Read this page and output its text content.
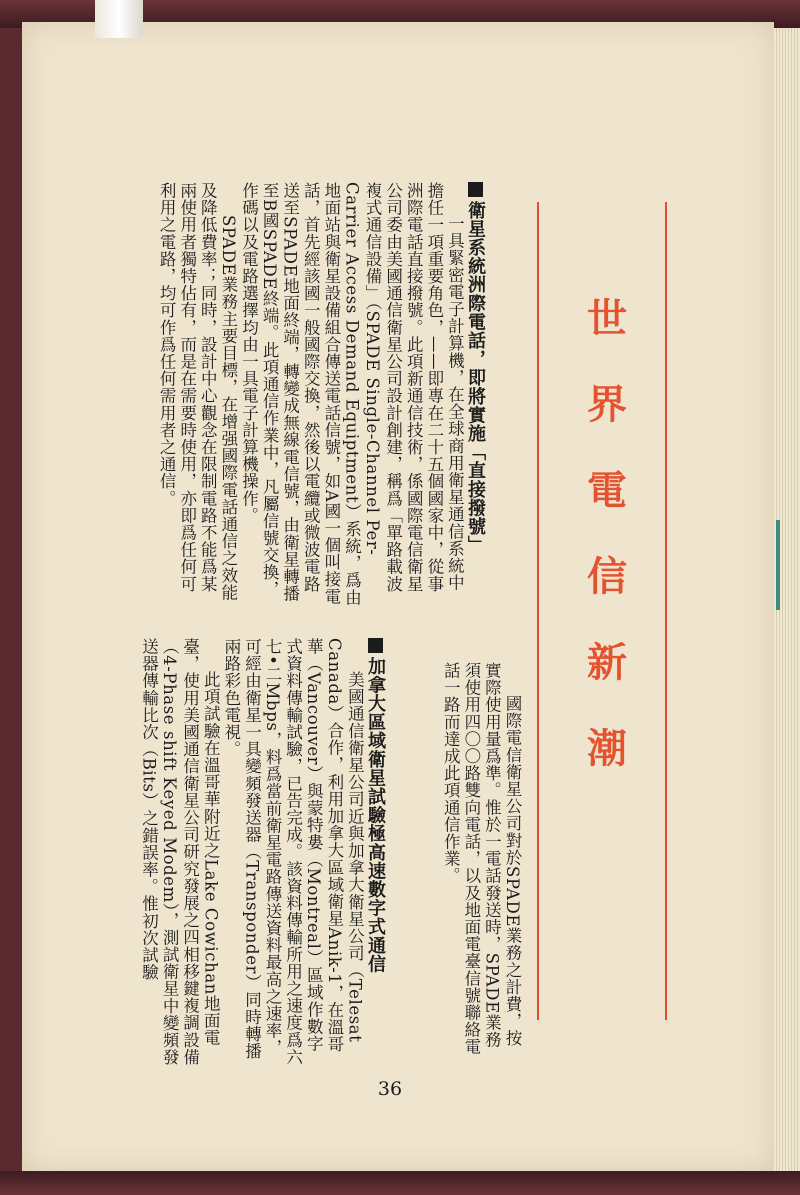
世界電信新潮

國際電信衛星公司對於SPADE業務之計費，按實際使用量爲準。惟於一電話發送時，SPADE業務須使用四〇〇路雙向電話，以及地面電臺信號聯絡電話一路而達成此項通信作業。

加拿大區域衛星試驗極高速數字式通信

美國通信衛星公司近與加拿大衛星公司（Telesat Canada）合作，利用加拿大區域衛星Anik-1，在溫哥華（Vancouver）與蒙特婁（Montreal）區域作數字式資料傳輸試驗，已告完成。該資料傳輸所用之速度爲六七•二Mbps，料爲當前衛星電路傳送資料最高之速率，可經由衛星一具變頻發送器（Transponder）同時轉播兩路彩色電視。

此項試驗在溫哥華附近之Lake Cowichan地面電臺，使用美國通信衛星公司研究發展之四相移鍵複調設備（4-Phase shift Keyed Modem），測試衛星中變頻發送器傳輸比次（Bits）之錯誤率。惟初次試驗

衛星系統洲際電話，即將實施「直接撥號」

一具緊密電子計算機，在全球商用衛星通信系統中擔任一項重要角色，——即專在二十五個國家中，從事洲際電話直接撥號。此項新通信技術，係國際電信衛星公司委由美國通信衛星公司設計創建，稱爲「單路載波複式通信設備」（SPADE Single-Channel Per-Carrier Access Demand Equiptment）系統，爲由地面站與衛星設備組合傳送電話信號，如A國一個叫接電話，首先經該國一般國際交換，然後以電纜或微波電路送至SPADE地面終端，轉變成無線電信號，由衛星轉播至B國SPADE終端。此項通信作業中，凡屬信號交換，作碼以及電路選擇均由一具電子計算機操作。

SPADE業務主要目標，在增强國際電話通信之效能及降低費率；同時，設計中心觀念在限制電路不能爲某兩使用者獨特佔有，而是在需要時使用，亦即爲任何可利用之電路，均可作爲任何需用者之通信。

36
